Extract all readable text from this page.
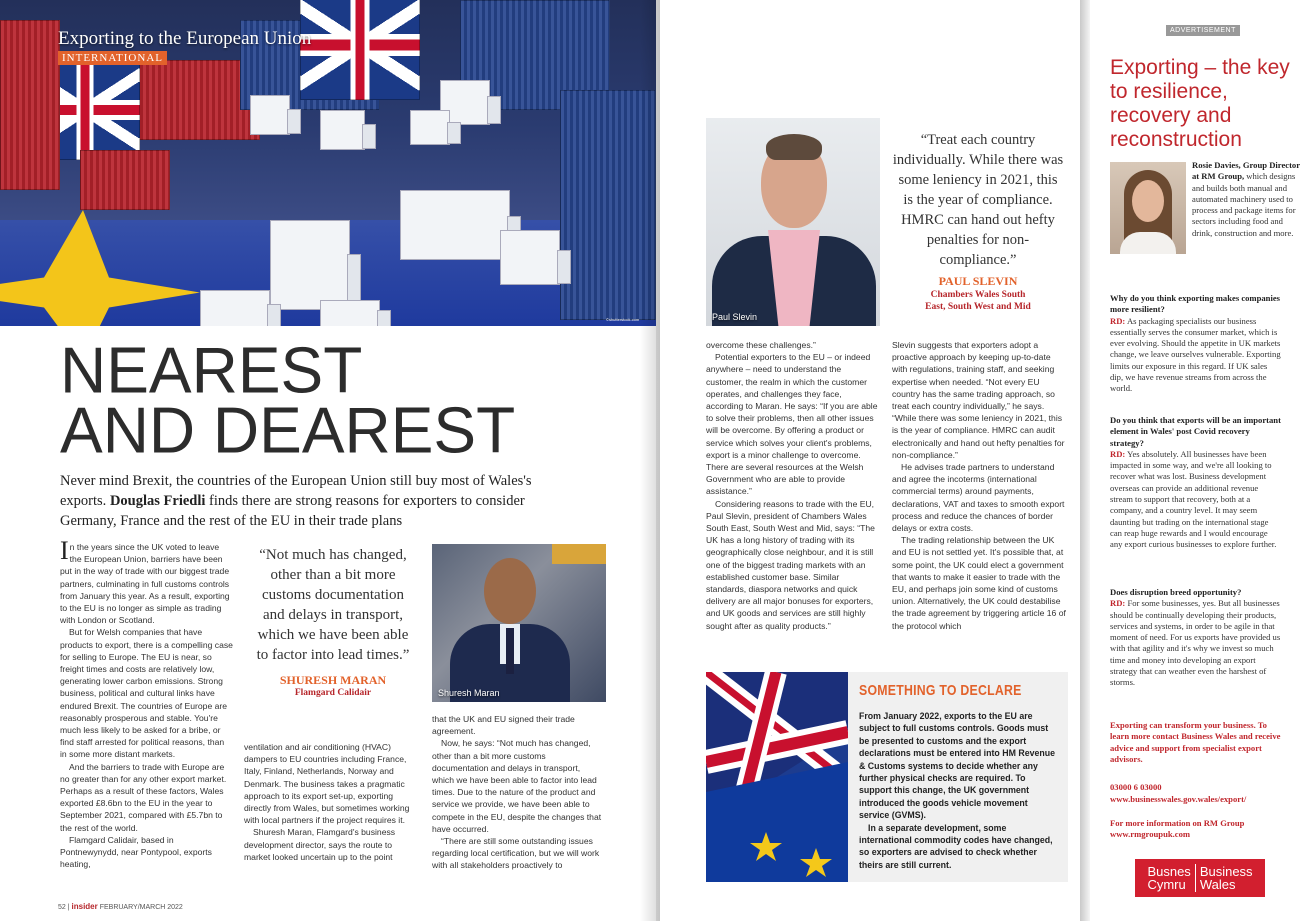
Exporting to the European Union
INTERNATIONAL
©shutterstock.com
NEAREST
AND DEAREST
Never mind Brexit, the countries of the European Union still buy most of Wales's exports. Douglas Friedli finds there are strong reasons for exporters to consider Germany, France and the rest of the EU in their trade plans

In the years since the UK voted to leave the European Union, barriers have been put in the way of trade with our biggest trade partners, culminating in full customs controls from January this year. As a result, exporting to the EU is no longer as simple as trading with London or Scotland.

But for Welsh companies that have products to export, there is a compelling case for selling to Europe. The EU is near, so freight times and costs are relatively low, generating lower carbon emissions. Strong business, political and cultural links have endured Brexit. The countries of Europe are reasonably prosperous and stable. You're much less likely to be asked for a bribe, or find staff arrested for political reasons, than in some more distant markets.

And the barriers to trade with Europe are no greater than for any other export market. Perhaps as a result of these factors, Wales exported £8.6bn to the EU in the year to September 2021, compared with £5.7bn to the rest of the world.

Flamgard Calidair, based in Pontnewynydd, near Pontypool, exports heating,

“Not much has changed, other than a bit more customs documentation and delays in transport, which we have been able to factor into lead times.”
SHURESH MARAN
Flamgard Calidair	Shuresh Maran

ventilation and air conditioning (HVAC) dampers to EU countries including France, Italy, Finland, Netherlands, Norway and Denmark. The business takes a pragmatic approach to its export set-up, exporting directly from Wales, but sometimes working with local partners if the project requires it.

Shuresh Maran, Flamgard's business development director, says the route to market looked uncertain up to the point

that the UK and EU signed their trade agreement.

Now, he says: “Not much has changed, other than a bit more customs documentation and delays in transport, which we have been able to factor into lead times. Due to the nature of the product and service we provide, we have been able to compete in the EU, despite the changes that have occurred.

“There are still some outstanding issues regarding local certification, but we will work with all stakeholders proactively to

52 | insider FEBRUARY/MARCH 2022
Paul Slevin
“Treat each country individually. While there was some leniency in 2021, this is the year of compliance. HMRC can hand out hefty penalties for non-compliance.”
PAUL SLEVIN
Chambers Wales South East, South West and Mid

overcome these challenges.”

Potential exporters to the EU – or indeed anywhere – need to understand the customer, the realm in which the customer operates, and challenges they face, according to Maran. He says: “If you are able to solve their problems, then all other issues will be overcome. By offering a product or service which solves your client's problems, export is a minor challenge to overcome. There are several resources at the Welsh Government who are able to provide assistance.”

Considering reasons to trade with the EU, Paul Slevin, president of Chambers Wales South East, South West and Mid, says: “The UK has a long history of trading with its geographically close neighbour, and it is still one of the biggest trading markets with an established customer base. Similar standards, diaspora networks and quick delivery are all major bonuses for exporters, and UK goods and services are still highly sought after as quality products.”

Slevin suggests that exporters adopt a proactive approach by keeping up-to-date with regulations, training staff, and seeking expertise when needed. “Not every EU country has the same trading approach, so treat each country individually,” he says. “While there was some leniency in 2021, this is the year of compliance. HMRC can audit electronically and hand out hefty penalties for non-compliance.”

He advises trade partners to understand and agree the incoterms (international commercial terms) around payments, declarations, VAT and taxes to smooth export process and reduce the chances of border delays or extra costs.

The trading relationship between the UK and EU is not settled yet. It's possible that, at some point, the UK could elect a government that wants to make it easier to trade with the EU, and perhaps join some kind of customs union. Alternatively, the UK could destabilise the trade agreement by triggering article 16 of the protocol which

SOMETHING TO DECLARE

From January 2022, exports to the EU are subject to full customs controls. Goods must be presented to customs and the export declarations must be entered into HM Revenue & Customs systems to decide whether any further physical checks are required. To support this change, the UK government introduced the goods vehicle movement service (GVMS).

In a separate development, some international commodity codes have changed, so exporters are advised to check whether theirs are still current.

ADVERTISEMENT
Exporting – the key to resilience, recovery and reconstruction
Rosie Davies, Group Director at RM Group, which designs and builds both manual and automated machinery used to process and package items for sectors including food and drink, construction and more.
Why do you think exporting makes companies more resilient?
RD: As packaging specialists our business essentially serves the consumer market, which is ever evolving. Should the appetite in UK markets change, we leave ourselves vulnerable. Exporting limits our exposure in this regard. If UK sales dip, we have revenue streams from across the world.
Do you think that exports will be an important element in Wales' post Covid recovery strategy?
RD: Yes absolutely. All businesses have been impacted in some way, and we're all looking to recover what was lost. Business development overseas can provide an additional revenue stream to support that recovery, both at a company, and a country level. It may seem daunting but trading on the international stage can reap huge rewards and I would encourage any export curious businesses to explore further.
Does disruption breed opportunity?
RD: For some businesses, yes. But all businesses should be continually developing their products, services and systems, in order to be agile in that moment of need. For us exports have provided us with that agility and it's why we invest so much time and money into developing an export strategy that can weather even the harshest of storms.
Exporting can transform your business. To learn more contact Business Wales and receive advice and support from specialist export advisors.
03000 6 03000
www.businesswales.gov.wales/export/
For more information on RM Group
www.rmgroupuk.com
Busnes
Cymru
Business
Wales
